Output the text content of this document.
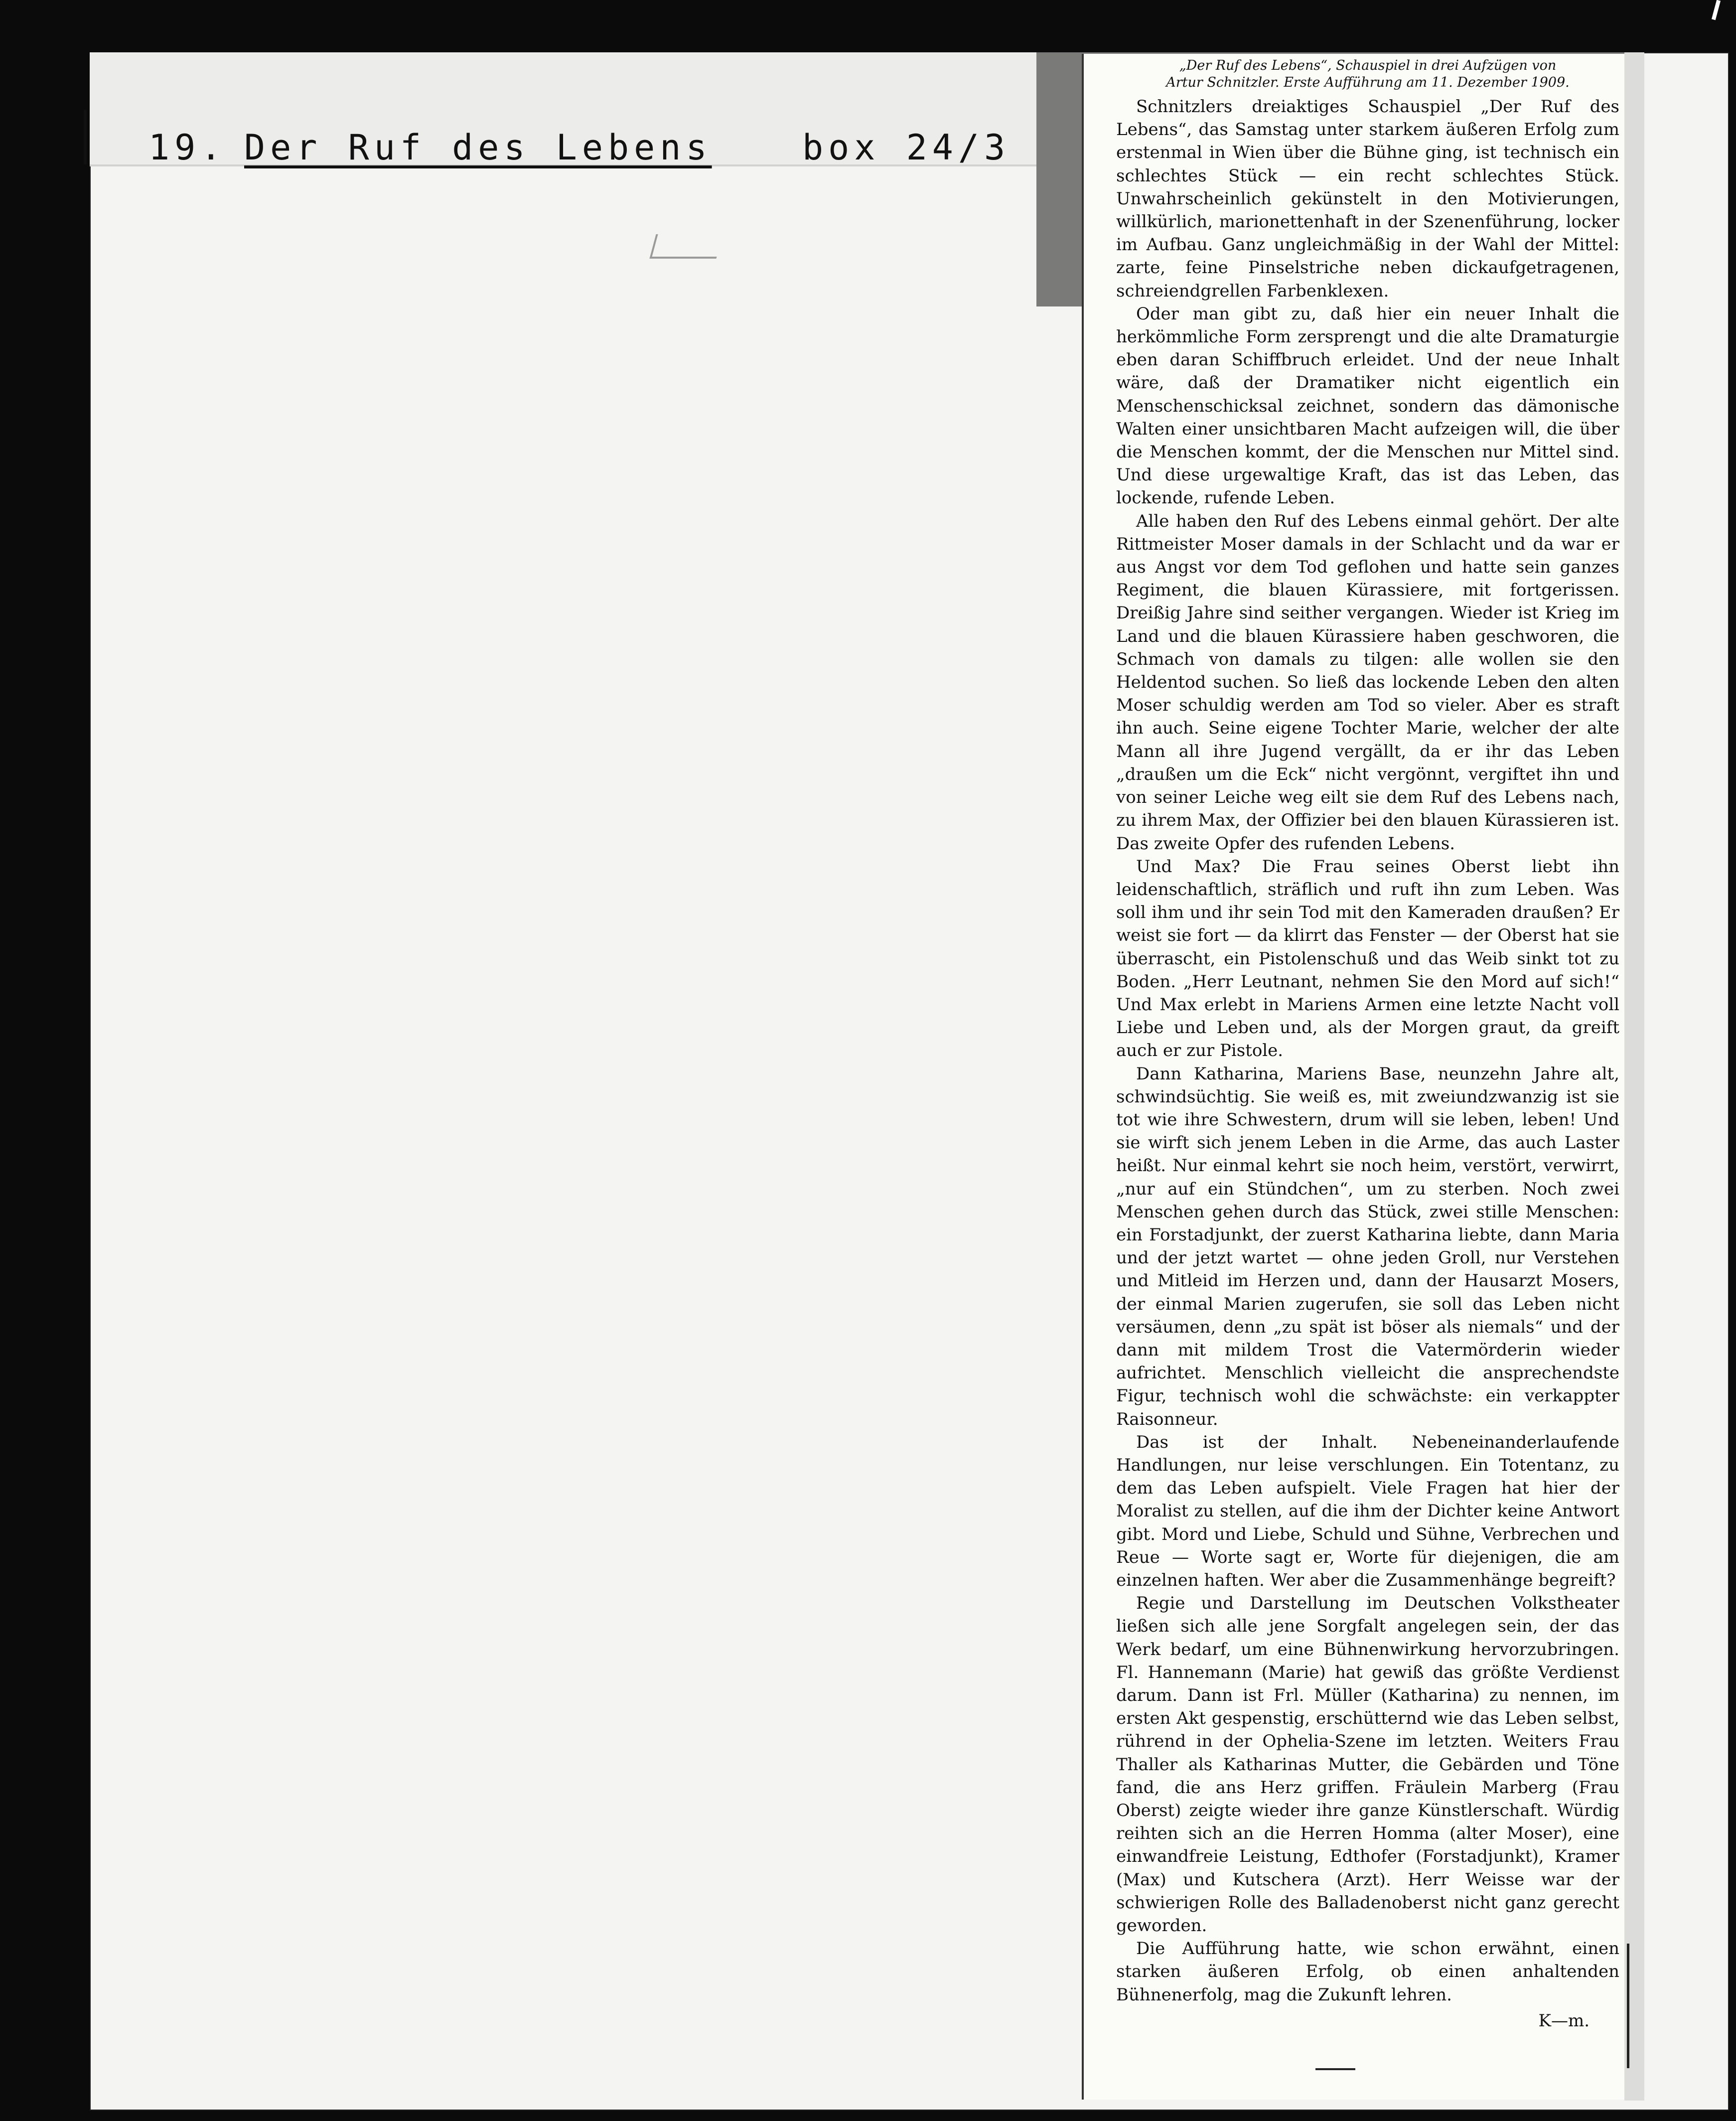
19. Der Ruf des Lebens	box 24/3

„Der Ruf des Lebens“, Schauspiel in drei Aufzügen von

Artur Schnitzler. Erste Aufführung am 11. Dezember 1909.

Schnitzlers dreiaktiges Schauspiel „Der Ruf des Lebens“, das Samstag unter starkem äußeren Erfolg zum erstenmal in Wien über die Bühne ging, ist technisch ein schlechtes Stück — ein recht schlechtes Stück. Unwahrscheinlich gekünstelt in den Motivierungen, willkürlich, marionettenhaft in der Szenenführung, locker im Aufbau. Ganz ungleichmäßig in der Wahl der Mittel: zarte, feine Pinselstriche neben dickaufgetragenen, schreiendgrellen Farbenklexen.

Oder man gibt zu, daß hier ein neuer Inhalt die herkömmliche Form zersprengt und die alte Dramaturgie eben daran Schiffbruch erleidet. Und der neue Inhalt wäre, daß der Dramatiker nicht eigentlich ein Menschenschicksal zeichnet, sondern das dämonische Walten einer unsichtbaren Macht aufzeigen will, die über die Menschen kommt, der die Menschen nur Mittel sind. Und diese urgewaltige Kraft, das ist das Leben, das lockende, rufende Leben.

Alle haben den Ruf des Lebens einmal gehört. Der alte Rittmeister Moser damals in der Schlacht und da war er aus Angst vor dem Tod geflohen und hatte sein ganzes Regiment, die blauen Kürassiere, mit fortgerissen. Dreißig Jahre sind seither vergangen. Wieder ist Krieg im Land und die blauen Kürassiere haben geschworen, die Schmach von damals zu tilgen: alle wollen sie den Heldentod suchen. So ließ das lockende Leben den alten Moser schuldig werden am Tod so vieler. Aber es straft ihn auch. Seine eigene Tochter Marie, welcher der alte Mann all ihre Jugend vergällt, da er ihr das Leben „draußen um die Eck“ nicht vergönnt, vergiftet ihn und von seiner Leiche weg eilt sie dem Ruf des Lebens nach, zu ihrem Max, der Offizier bei den blauen Kürassieren ist. Das zweite Opfer des rufenden Lebens.

Und Max? Die Frau seines Oberst liebt ihn leidenschaftlich, sträflich und ruft ihn zum Leben. Was soll ihm und ihr sein Tod mit den Kameraden draußen? Er weist sie fort — da klirrt das Fenster — der Oberst hat sie überrascht, ein Pistolenschuß und das Weib sinkt tot zu Boden. „Herr Leutnant, nehmen Sie den Mord auf sich!“ Und Max erlebt in Mariens Armen eine letzte Nacht voll Liebe und Leben und, als der Morgen graut, da greift auch er zur Pistole.

Dann Katharina, Mariens Base, neunzehn Jahre alt, schwindsüchtig. Sie weiß es, mit zweiundzwanzig ist sie tot wie ihre Schwestern, drum will sie leben, leben! Und sie wirft sich jenem Leben in die Arme, das auch Laster heißt. Nur einmal kehrt sie noch heim, verstört, verwirrt, „nur auf ein Stündchen“, um zu sterben. Noch zwei Menschen gehen durch das Stück, zwei stille Menschen: ein Forstadjunkt, der zuerst Katharina liebte, dann Maria und der jetzt wartet — ohne jeden Groll, nur Verstehen und Mitleid im Herzen und, dann der Hausarzt Mosers, der einmal Marien zugerufen, sie soll das Leben nicht versäumen, denn „zu spät ist böser als niemals“ und der dann mit mildem Trost die Vatermörderin wieder aufrichtet. Menschlich vielleicht die ansprechendste Figur, technisch wohl die schwächste: ein verkappter Raisonneur.

Das ist der Inhalt. Nebeneinanderlaufende Handlungen, nur leise verschlungen. Ein Totentanz, zu dem das Leben aufspielt. Viele Fragen hat hier der Moralist zu stellen, auf die ihm der Dichter keine Antwort gibt. Mord und Liebe, Schuld und Sühne, Verbrechen und Reue — Worte sagt er, Worte für diejenigen, die am einzelnen haften. Wer aber die Zusammenhänge begreift?

Regie und Darstellung im Deutschen Volkstheater ließen sich alle jene Sorgfalt angelegen sein, der das Werk bedarf, um eine Bühnenwirkung hervorzubringen. Fl. Hannemann (Marie) hat gewiß das größte Verdienst darum. Dann ist Frl. Müller (Katharina) zu nennen, im ersten Akt gespenstig, erschütternd wie das Leben selbst, rührend in der Ophelia-Szene im letzten. Weiters Frau Thaller als Katharinas Mutter, die Gebärden und Töne fand, die ans Herz griffen. Fräulein Marberg (Frau Oberst) zeigte wieder ihre ganze Künstlerschaft. Würdig reihten sich an die Herren Homma (alter Moser), eine einwandfreie Leistung, Edthofer (Forstadjunkt), Kramer (Max) und Kutschera (Arzt). Herr Weisse war der schwierigen Rolle des Balladenoberst nicht ganz gerecht geworden.

Die Aufführung hatte, wie schon erwähnt, einen starken äußeren Erfolg, ob einen anhaltenden Bühnenerfolg, mag die Zukunft lehren.

K—m.
